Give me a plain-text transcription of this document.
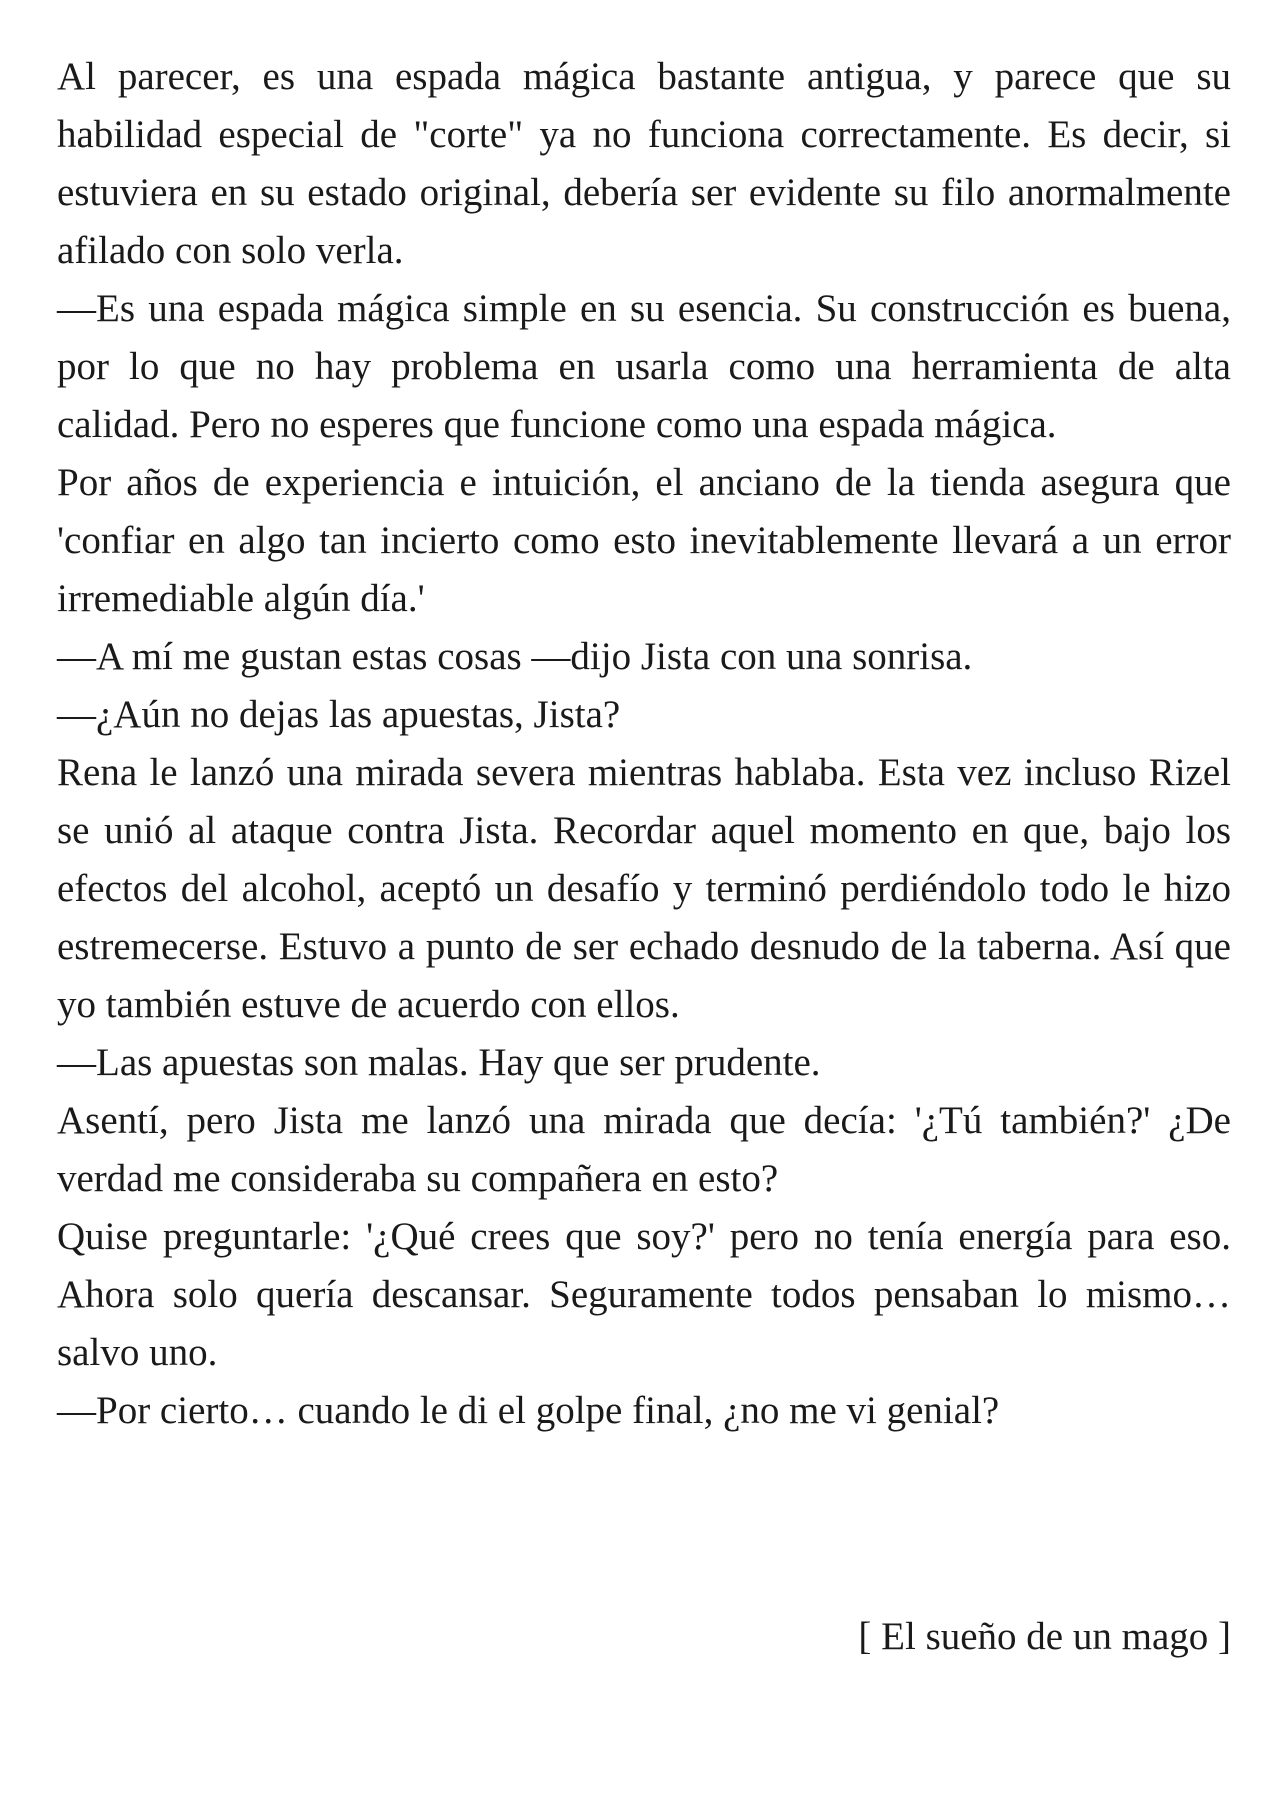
Al parecer, es una espada mágica bastante antigua, y parece que su habilidad especial de "corte" ya no funciona correctamente. Es decir, si estuviera en su estado original, debería ser evidente su filo anormalmente afilado con solo verla.

—Es una espada mágica simple en su esencia. Su construcción es buena, por lo que no hay problema en usarla como una herramienta de alta calidad. Pero no esperes que funcione como una espada mágica.

Por años de experiencia e intuición, el anciano de la tienda asegura que 'confiar en algo tan incierto como esto inevitablemente llevará a un error irremediable algún día.'

—A mí me gustan estas cosas —dijo Jista con una sonrisa.

—¿Aún no dejas las apuestas, Jista?

Rena le lanzó una mirada severa mientras hablaba. Esta vez incluso Rizel se unió al ataque contra Jista. Recordar aquel momento en que, bajo los efectos del alcohol, aceptó un desafío y terminó perdiéndolo todo le hizo estremecerse. Estuvo a punto de ser echado desnudo de la taberna. Así que yo también estuve de acuerdo con ellos.

—Las apuestas son malas. Hay que ser prudente.

Asentí, pero Jista me lanzó una mirada que decía: '¿Tú también?' ¿De verdad me consideraba su compañera en esto?

Quise preguntarle: '¿Qué crees que soy?' pero no tenía energía para eso. Ahora solo quería descansar. Seguramente todos pensaban lo mismo… salvo uno.

—Por cierto… cuando le di el golpe final, ¿no me vi genial?

[ El sueño de un mago ]
